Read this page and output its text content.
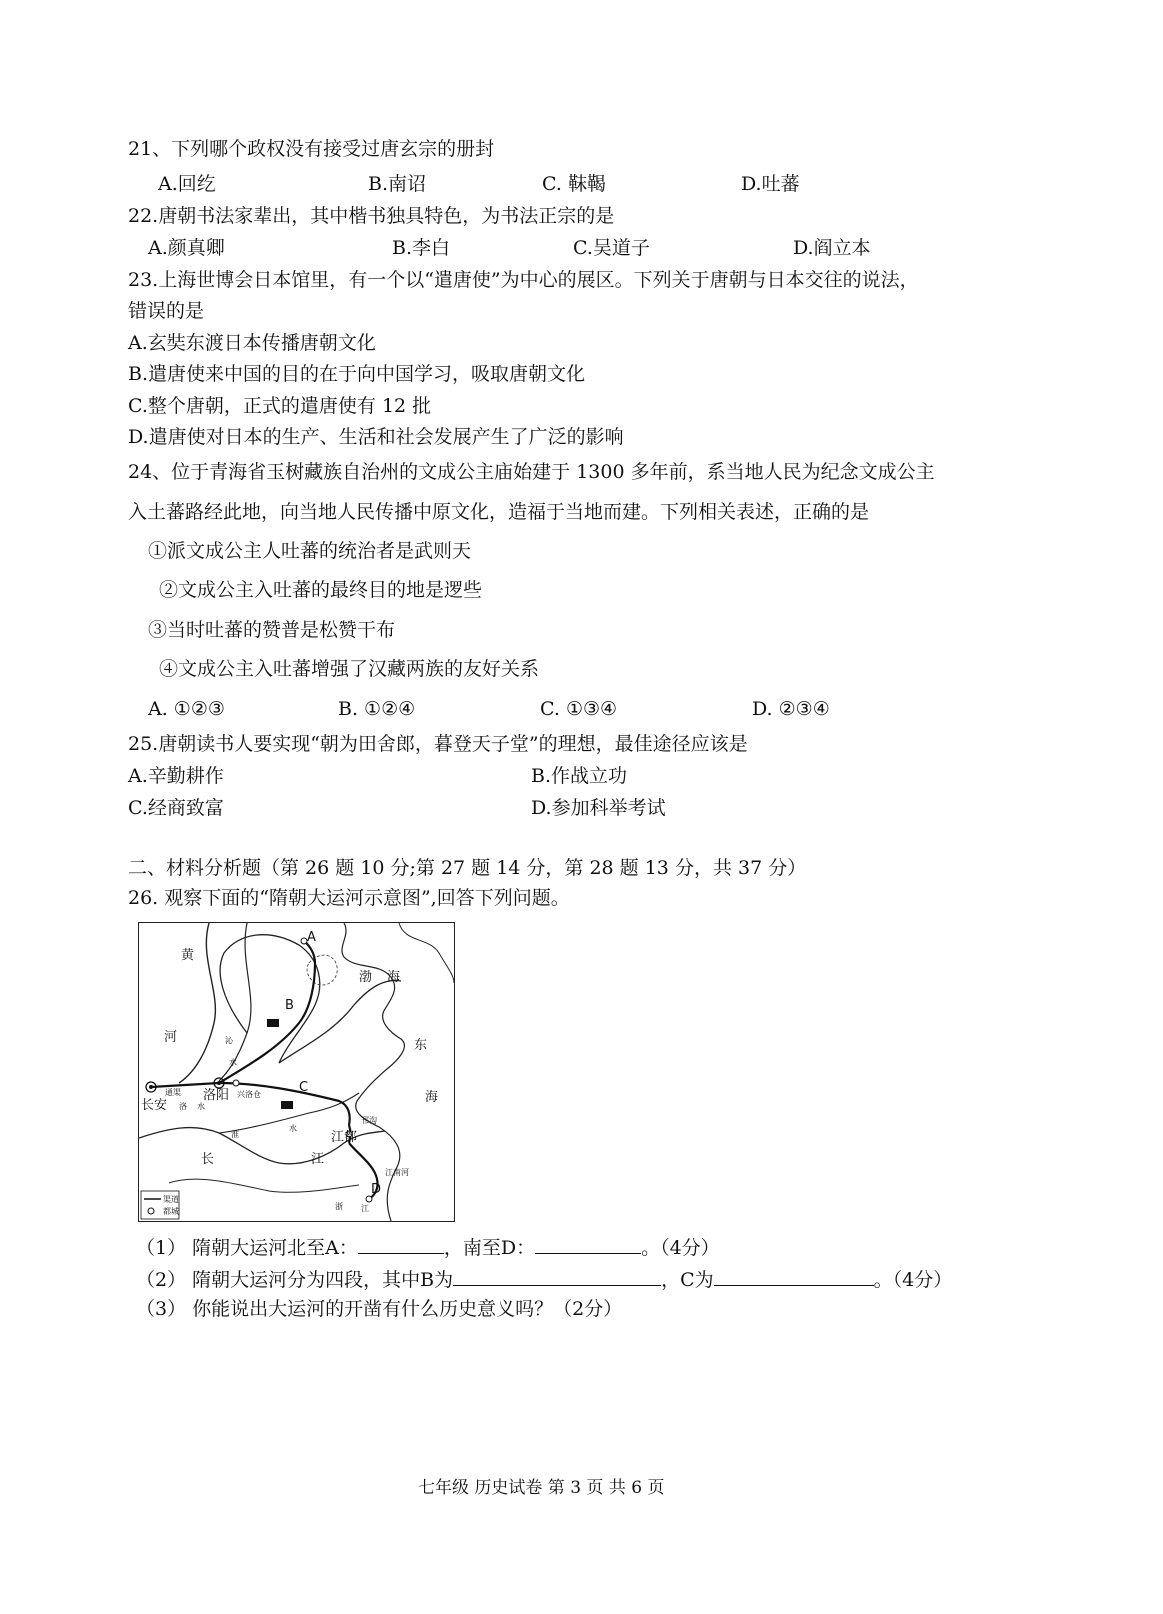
21、下列哪个政权没有接受过唐玄宗的册封
A.回纥	B.南诏	C. 靺鞨	D.吐蕃
22.唐朝书法家辈出，其中楷书独具特色，为书法正宗的是
A.颜真卿	B.李白	C.吴道子	D.阎立本
23.上海世博会日本馆里，有一个以“遣唐使”为中心的展区。下列关于唐朝与日本交往的说法，
错误的是
A.玄奘东渡日本传播唐朝文化
B.遣唐使来中国的目的在于向中国学习，吸取唐朝文化
C.整个唐朝，正式的遣唐使有 12 批
D.遣唐使对日本的生产、生活和社会发展产生了广泛的影响
24、位于青海省玉树藏族自治州的文成公主庙始建于 1300 多年前，系当地人民为纪念文成公主
入土蕃路经此地，向当地人民传播中原文化，造福于当地而建。下列相关表述，正确的是
①派文成公主人吐蕃的统治者是武则天
②文成公主入吐蕃的最终目的地是逻些
③当时吐蕃的赞普是松赞干布
④文成公主入吐蕃增强了汉藏两族的友好关系
A. ①②③	B. ①②④	C. ①③④	D. ②③④
25.唐朝读书人要实现“朝为田舍郎，暮登天子堂”的理想，最佳途径应该是
A.辛勤耕作	B.作战立功
C.经商致富	D.参加科举考试
二、材料分析题（第 26 题 10 分;第 27 题 14 分，第 28 题 13 分，共 37 分）
26. 观察下面的“隋朝大运河示意图”,回答下列问题。
黄
河
渤 海
东
海
沁
水
长安
洛阳
洛 水
兴洛仓
通渠
淮
水
江都
邗沟
江南河
长	江
浙 江
A
B
C
D
渠道
都城
（1） 隋朝大运河北至A：	，南至D：	。（4分）
（2） 隋朝大运河分为四段，其中B为	，C为	。（4分）
（3） 你能说出大运河的开凿有什么历史意义吗？（2分）
七年级 历史试卷 第 3 页 共 6 页
